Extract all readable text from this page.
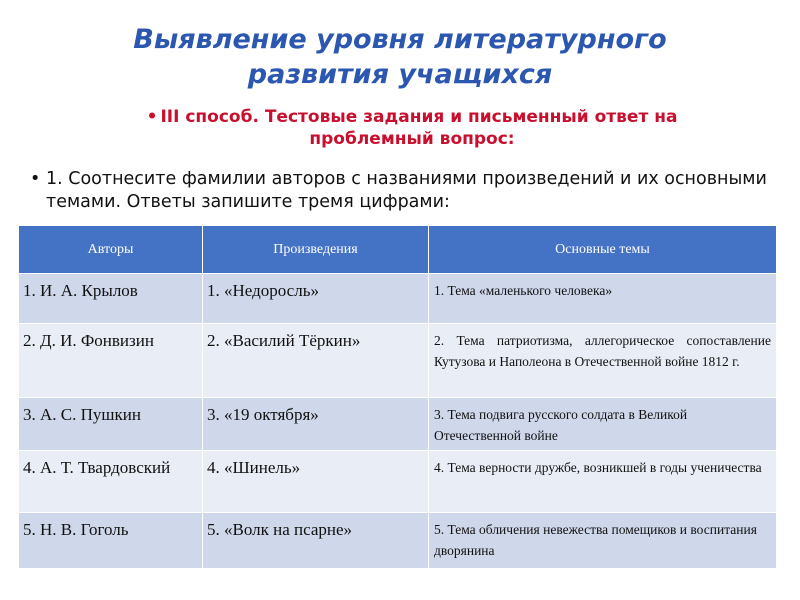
Выявление уровня литературного
развития учащихся
• III способ. Тестовые задания и письменный ответ на проблемный вопрос:
• 1. Соотнесите фамилии авторов с названиями произведений и их основными темами. Ответы запишите тремя цифрами:
Авторы	Произведения	Основные темы
1. И. А. Крылов	1. «Недоросль»	1. Тема «маленького человека»
2. Д. И. Фонвизин	2. «Василий Тёркин»	2. Тема патриотизма, аллегорическое сопоставление Кутузова и Наполеона в Отечественной войне 1812 г.
3. А. С. Пушкин	3. «19 октября»	3. Тема подвига русского солдата в Великой Отечественной войне
4. А. Т. Твардовский	4. «Шинель»	4. Тема верности дружбе, возникшей в годы ученичества
5. Н. В. Гоголь	5. «Волк на псарне»	5. Тема обличения невежества помещиков и воспитания дворянина
